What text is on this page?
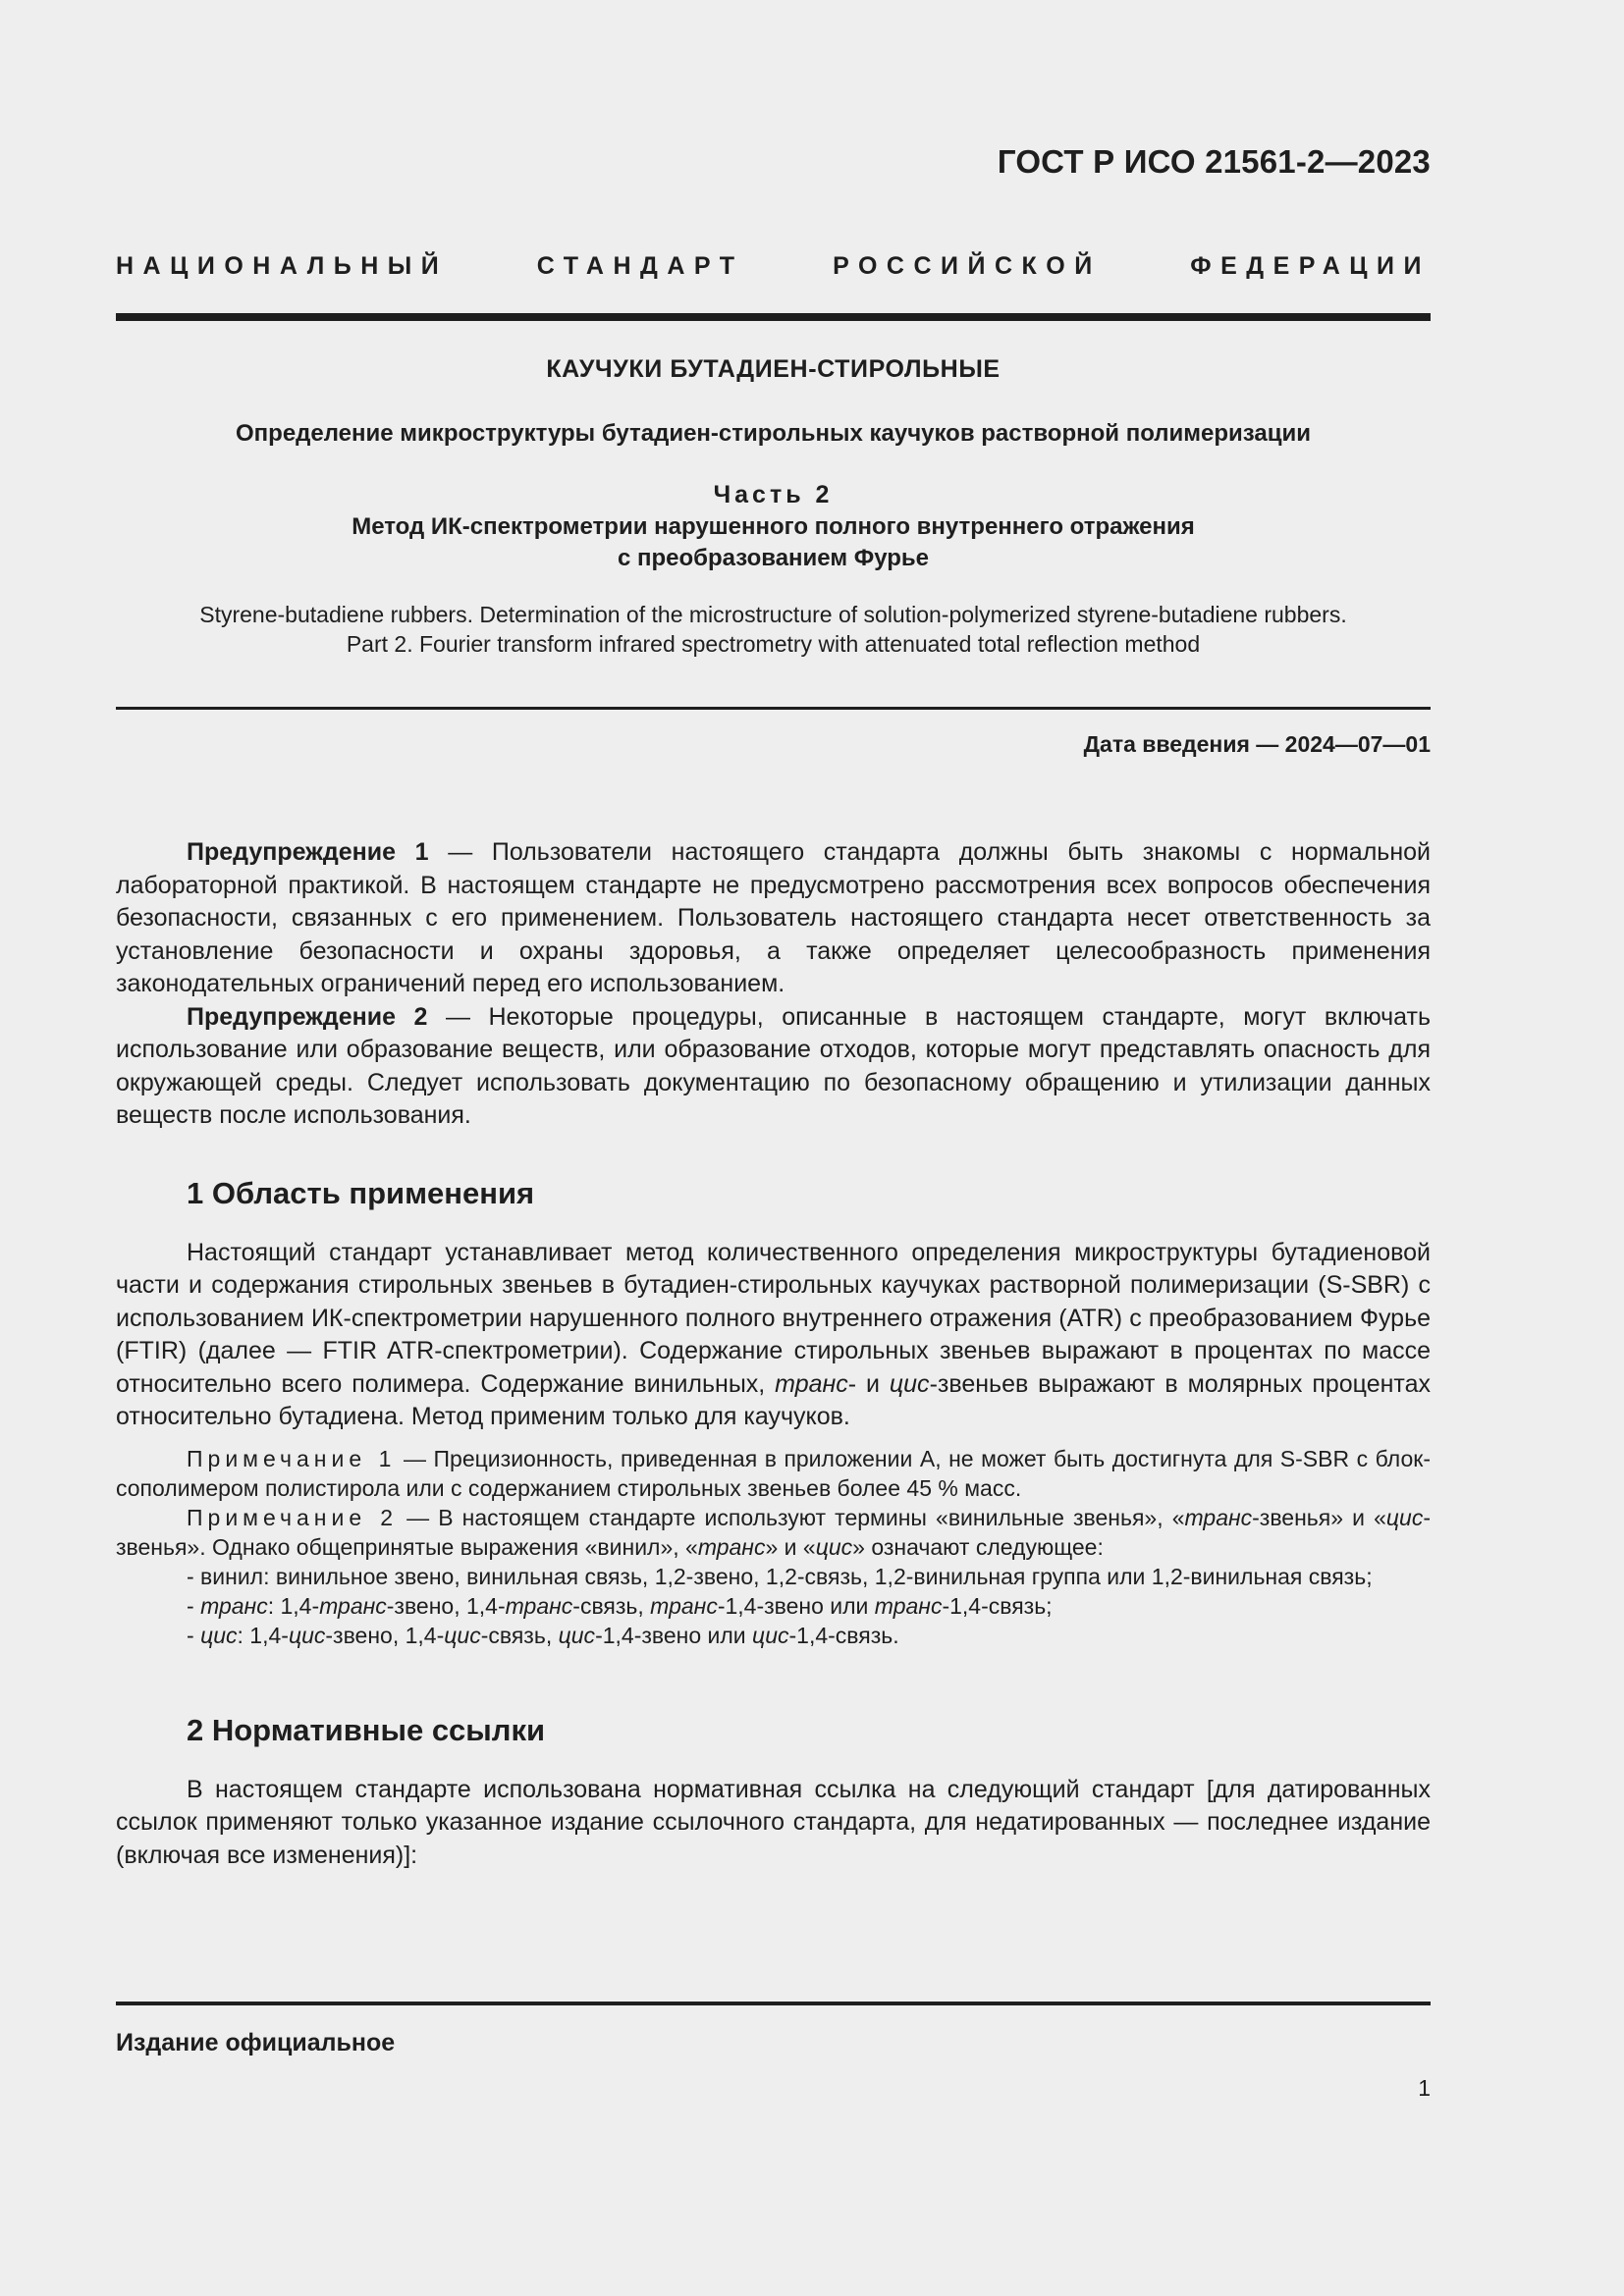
ГОСТ Р ИСО 21561-2—2023
НАЦИОНАЛЬНЫЙ СТАНДАРТ РОССИЙСКОЙ ФЕДЕРАЦИИ

КАУЧУКИ БУТАДИЕН-СТИРОЛЬНЫЕ

Определение микроструктуры бутадиен-стирольных каучуков растворной полимеризации

Часть 2

Метод ИК-спектрометрии нарушенного полного внутреннего отражения

с преобразованием Фурье

Styrene-butadiene rubbers. Determination of the microstructure of solution-polymerized styrene-butadiene rubbers.

Part 2. Fourier transform infrared spectrometry with attenuated total reflection method

Дата введения — 2024—07—01

Предупреждение 1 — Пользователи настоящего стандарта должны быть знакомы с нормальной лабораторной практикой. В настоящем стандарте не предусмотрено рассмотрения всех вопросов обеспечения безопасности, связанных с его применением. Пользователь настоящего стандарта несет ответственность за установление безопасности и охраны здоровья, а также определяет целесообразность применения законодательных ограничений перед его использованием.

Предупреждение 2 — Некоторые процедуры, описанные в настоящем стандарте, могут включать использование или образование веществ, или образование отходов, которые могут представлять опасность для окружающей среды. Следует использовать документацию по безопасному обращению и утилизации данных веществ после использования.

1 Область применения

Настоящий стандарт устанавливает метод количественного определения микроструктуры бутадиеновой части и содержания стирольных звеньев в бутадиен-стирольных каучуках растворной полимеризации (S-SBR) с использованием ИК-спектрометрии нарушенного полного внутреннего отражения (ATR) с преобразованием Фурье (FTIR) (далее — FTIR ATR-спектрометрии). Содержание стирольных звеньев выражают в процентах по массе относительно всего полимера. Содержание винильных, транс- и цис-звеньев выражают в молярных процентах относительно бутадиена. Метод применим только для каучуков.

Примечание 1 — Прецизионность, приведенная в приложении А, не может быть достигнута для S-SBR с блок-сополимером полистирола или с содержанием стирольных звеньев более 45 % масс.

Примечание 2 — В настоящем стандарте используют термины «винильные звенья», «транс-звенья» и «цис-звенья». Однако общепринятые выражения «винил», «транс» и «цис» означают следующее:

- винил: винильное звено, винильная связь, 1,2-звено, 1,2-связь, 1,2-винильная группа или 1,2-винильная связь;

- транс: 1,4-транс-звено, 1,4-транс-связь, транс-1,4-звено или транс-1,4-связь;

- цис: 1,4-цис-звено, 1,4-цис-связь, цис-1,4-звено или цис-1,4-связь.

2 Нормативные ссылки

В настоящем стандарте использована нормативная ссылка на следующий стандарт [для датированных ссылок применяют только указанное издание ссылочного стандарта, для недатированных — последнее издание (включая все изменения)]:

Издание официальное
1
